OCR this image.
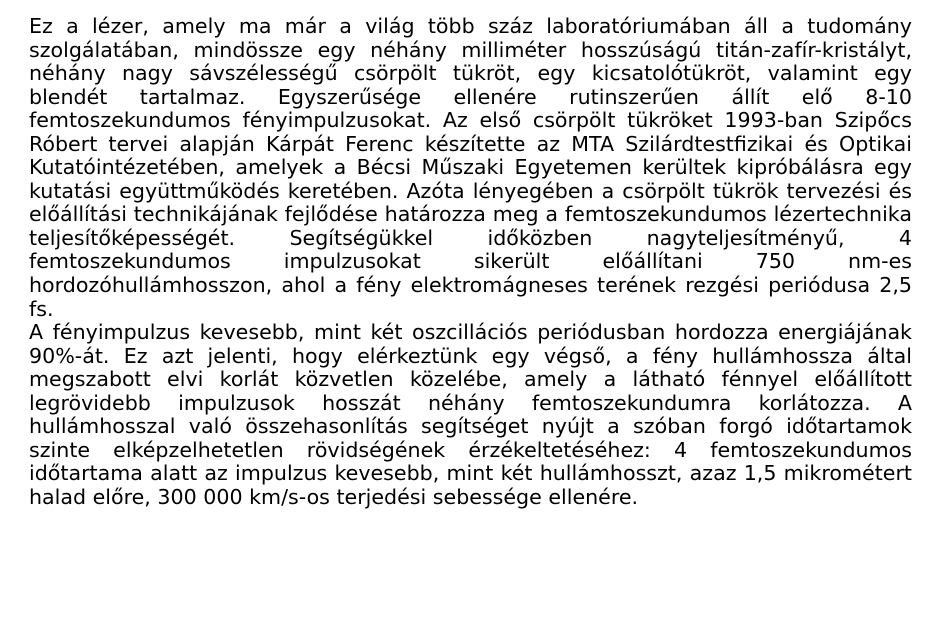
Ez a lézer, amely ma már a világ több száz laboratóriumában áll a tudomány szolgálatában, mindössze egy néhány milliméter hosszúságú titán-zafír-kristályt, néhány nagy sávszélességű csörpölt tükröt, egy kicsatolótükröt, valamint egy blendét tartalmaz. Egyszerűsége ellenére rutinszerűen állít elő 8-10 femtoszekundumos fényimpulzusokat. Az első csörpölt tükröket 1993-ban Szipőcs Róbert tervei alapján Kárpát Ferenc készítette az MTA Szilárdtestfizikai és Optikai Kutatóintézetében, amelyek a Bécsi Műszaki Egyetemen kerültek kipróbálásra egy kutatási együttműködés keretében. Azóta lényegében a csörpölt tükrök tervezési és előállítási technikájának fejlődése határozza meg a femtoszekundumos lézertechnika teljesítőképességét. Segítségükkel időközben nagyteljesítményű, 4 femtoszekundumos impulzusokat sikerült előállítani 750 nm-es hordozóhullámhosszon, ahol a fény elektromágneses terének rezgési periódusa 2,5 fs.

A fényimpulzus kevesebb, mint két oszcillációs periódusban hordozza energiájának 90%-át. Ez azt jelenti, hogy elérkeztünk egy végső, a fény hullámhossza által megszabott elvi korlát közvetlen közelébe, amely a látható fénnyel előállított legrövidebb impulzusok hosszát néhány femtoszekundumra korlátozza. A hullámhosszal való összehasonlítás segítséget nyújt a szóban forgó időtartamok szinte elképzelhetetlen rövidségének érzékeltetéséhez: 4 femtoszekundumos időtartama alatt az impulzus kevesebb, mint két hullámhosszt, azaz 1,5 mikrométert halad előre, 300 000 km/s-os terjedési sebessége ellenére.
